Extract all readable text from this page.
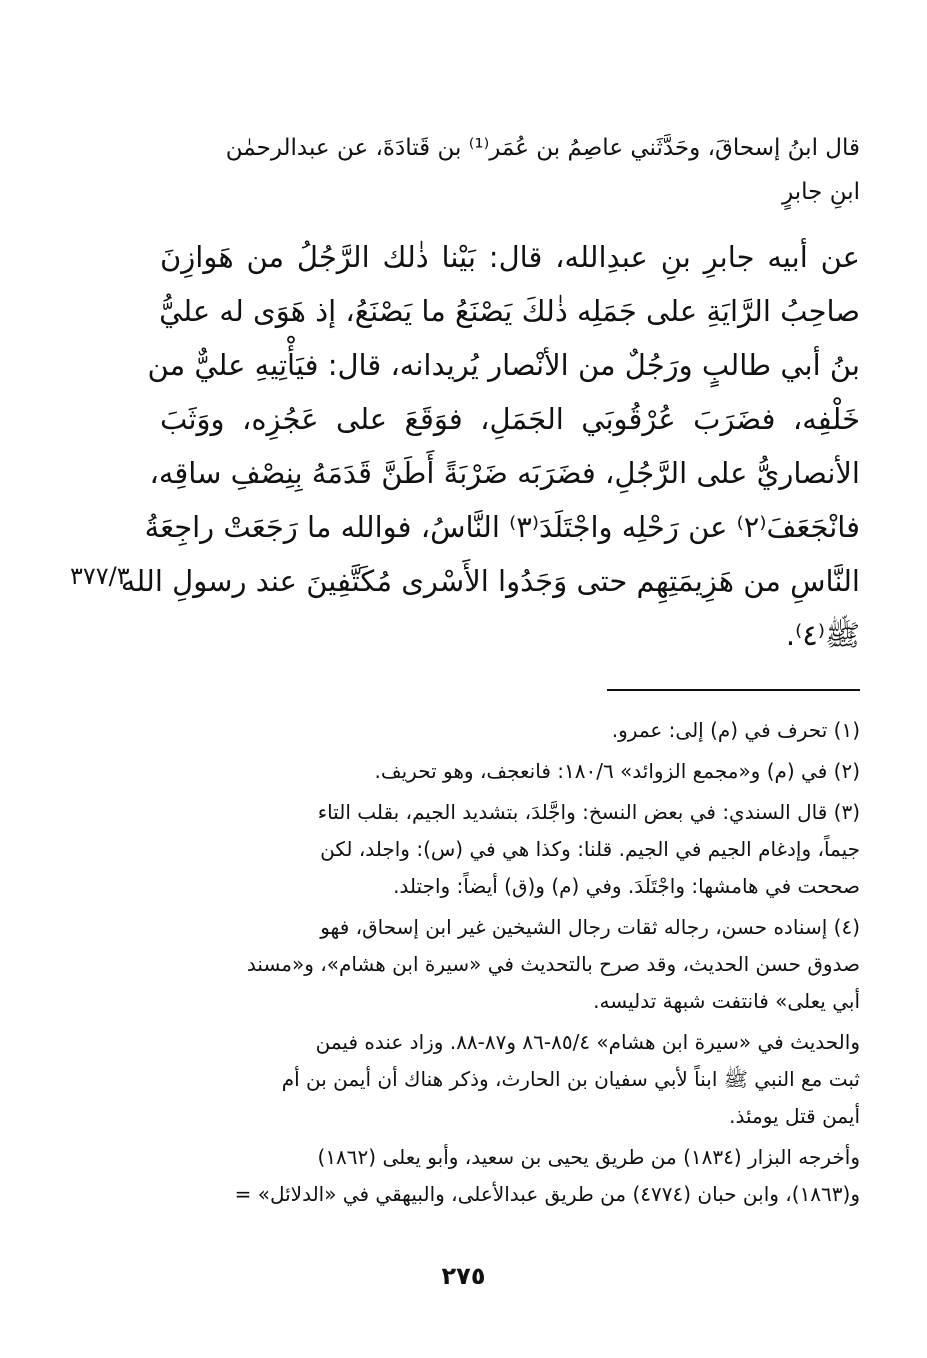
قال ابنُ إسحاقَ، وحَدَّثَني عاصِمُ بن عُمَر⁽¹⁾ بن قَتادَةَ، عن عبدالرحمٰن
ابنِ جابرٍ
عن أبيه جابرِ بنِ عبدِالله، قال: بَيْنا ذٰلك الرَّجُلُ من هَوازِنَ
صاحِبُ الرَّايَةِ على جَمَلِه ذٰلكَ يَصْنَعُ ما يَصْنَعُ، إذ هَوَى له عليُّ
بنُ أبي طالبٍ ورَجُلٌ من الأنْصار يُريدانه، قال: فيَأْتِيهِ عليٌّ من
خَلْفِه، فضَرَبَ عُرْقُوبَي الجَمَلِ، فوَقَعَ على عَجُزِه، ووَثَبَ
الأنصاريُّ على الرَّجُلِ، فضَرَبَه ضَرْبَةً أَطَنَّ قَدَمَهُ بِنِصْفِ ساقِه،
فانْجَعَفَ⁽٢⁾ عن رَحْلِه واجْتَلَدَ⁽٣⁾ النَّاسُ، فوالله ما رَجَعَتْ راجِعَةُ
النَّاسِ من هَزِيمَتِهِم حتى وَجَدُوا الأَسْرى مُكَتَّفِينَ عند رسولِ الله
ﷺ⁽٤⁾.
٣٧٧/٣
(١) تحرف في (م) إلى: عمرو.
(٢) في (م) و«مجمع الزوائد» ١٨٠/٦: فانعجف، وهو تحريف.
(٣) قال السندي: في بعض النسخ: واجَّلدَ، بتشديد الجيم، بقلب التاء
جيماً، وإدغام الجيم في الجيم. قلنا: وكذا هي في (س): واجلد، لكن
صححت في هامشها: واجْتَلَدَ. وفي (م) و(ق) أيضاً: واجتلد.
(٤) إسناده حسن، رجاله ثقات رجال الشيخين غير ابن إسحاق، فهو
صدوق حسن الحديث، وقد صرح بالتحديث في «سيرة ابن هشام»، و«مسند
أبي يعلى» فانتفت شبهة تدليسه.
والحديث في «سيرة ابن هشام» ٨٥/٤-٨٦ و٨٧-٨٨. وزاد عنده فيمن
ثبت مع النبي ﷺ ابناً لأبي سفيان بن الحارث، وذكر هناك أن أيمن بن أم
أيمن قتل يومئذ.
وأخرجه البزار (١٨٣٤) من طريق يحيى بن سعيد، وأبو يعلى (١٨٦٢)
و(١٨٦٣)، وابن حبان (٤٧٧٤) من طريق عبدالأعلى، والبيهقي في «الدلائل» =
٢٧٥
